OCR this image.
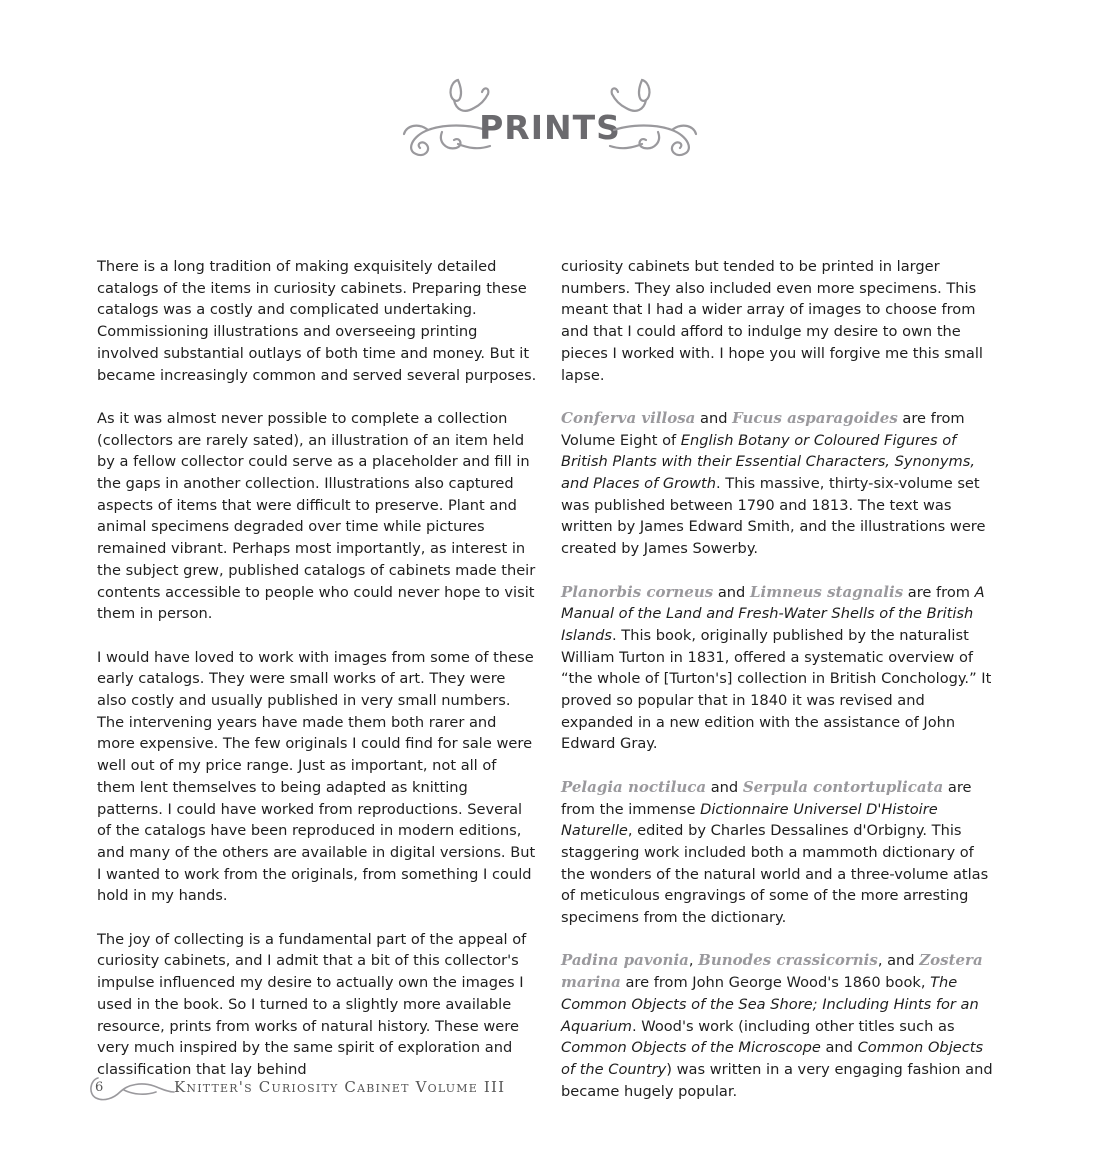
PRINTS

There is a long tradition of making exquisitely detailed catalogs of the items in curiosity cabinets. Preparing these catalogs was a costly and complicated undertaking. Commissioning illustrations and overseeing printing involved substantial outlays of both time and money. But it became increasingly common and served several purposes.

As it was almost never possible to complete a collection (collectors are rarely sated), an illustration of an item held by a fellow collector could serve as a placeholder and fill in the gaps in another collection. Illustrations also captured aspects of items that were difficult to preserve. Plant and animal specimens degraded over time while pictures remained vibrant. Perhaps most importantly, as interest in the subject grew, published catalogs of cabinets made their contents accessible to people who could never hope to visit them in person.

I would have loved to work with images from some of these early catalogs. They were small works of art. They were also costly and usually published in very small numbers. The intervening years have made them both rarer and more expensive. The few originals I could find for sale were well out of my price range. Just as important, not all of them lent themselves to being adapted as knitting patterns. I could have worked from reproductions. Several of the catalogs have been reproduced in modern editions, and many of the others are available in digital versions. But I wanted to work from the originals, from something I could hold in my hands.

The joy of collecting is a fundamental part of the appeal of curiosity cabinets, and I admit that a bit of this collector's impulse influenced my desire to actually own the images I used in the book. So I turned to a slightly more available resource, prints from works of natural history. These were very much inspired by the same spirit of exploration and classification that lay behind

curiosity cabinets but tended to be printed in larger numbers. They also included even more specimens. This meant that I had a wider array of images to choose from and that I could afford to indulge my desire to own the pieces I worked with. I hope you will forgive me this small lapse.

Conferva villosa and Fucus asparagoides are from Volume Eight of English Botany or Coloured Figures of British Plants with their Essential Characters, Synonyms, and Places of Growth. This massive, thirty-six-volume set was published between 1790 and 1813. The text was written by James Edward Smith, and the illustrations were created by James Sowerby.

Planorbis corneus and Limneus stagnalis are from A Manual of the Land and Fresh-Water Shells of the British Islands. This book, originally published by the naturalist William Turton in 1831, offered a systematic overview of “the whole of [Turton's] collection in British Conchology.” It proved so popular that in 1840 it was revised and expanded in a new edition with the assistance of John Edward Gray.

Pelagia noctiluca and Serpula contortuplicata are from the immense Dictionnaire Universel D'Histoire Naturelle, edited by Charles Dessalines d'Orbigny. This staggering work included both a mammoth dictionary of the wonders of the natural world and a three-volume atlas of meticulous engravings of some of the more arresting specimens from the dictionary.

Padina pavonia, Bunodes crassicornis, and Zostera marina are from John George Wood's 1860 book, The Common Objects of the Sea Shore; Including Hints for an Aquarium. Wood's work (including other titles such as Common Objects of the Microscope and Common Objects of the Country) was written in a very engaging fashion and became hugely popular.

6	Knitter's Curiosity Cabinet Volume III
